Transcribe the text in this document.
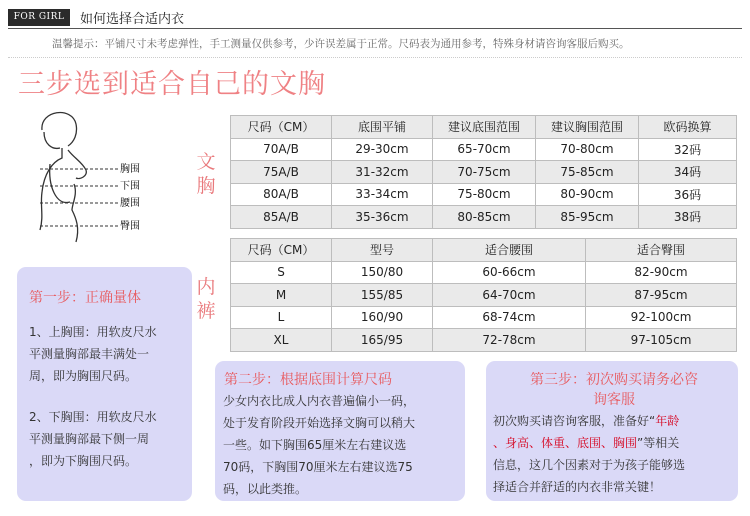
FOR GIRL	如何选择合适内衣
温馨提示：平铺尺寸未考虑弹性，手工测量仅供参考，少许误差属于正常。尺码表为通用参考，特殊身材请咨询客服后购买。
三步选到适合自己的文胸
胸围
下围
腰围
臀围
文
胸
内
裤
尺码（CM）	底围平铺	建议底围范围	建议胸围范围	欧码换算
70A/B	29-30cm	65-70cm	70-80cm	32码
75A/B	31-32cm	70-75cm	75-85cm	34码
80A/B	33-34cm	75-80cm	80-90cm	36码
85A/B	35-36cm	80-85cm	85-95cm	38码
尺码（CM）	型号	适合腰围	适合臀围
S	150/80	60-66cm	82-90cm
M	155/85	64-70cm	87-95cm
L	160/90	68-74cm	92-100cm
XL	165/95	72-78cm	97-105cm
第一步：正确量体
1、上胸围：用软皮尺水
平测量胸部最丰满处一
周，即为胸围尺码。
2、下胸围：用软皮尺水
平测量胸部最下侧一周
，即为下胸围尺码。
第二步：根据底围计算尺码
少女内衣比成人内衣普遍偏小一码，
处于发育阶段开始选择文胸可以稍大
一些。如下胸围65厘米左右建议选
70码，下胸围70厘米左右建议选75
码，以此类推。
第三步：初次购买请务必咨
询客服
初次购买请咨询客服，准备好“年龄
、身高、体重、底围、胸围”等相关
信息，这几个因素对于为孩子能够选
择适合并舒适的内衣非常关键！
